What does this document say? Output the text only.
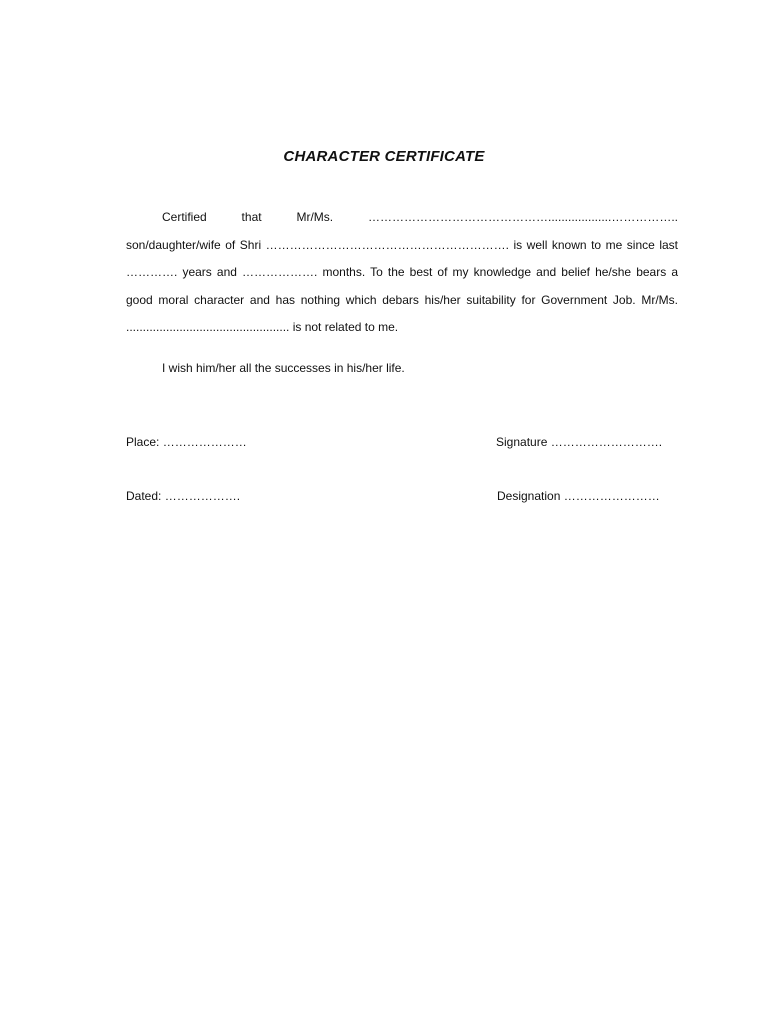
CHARACTER CERTIFICATE

Certified that Mr/Ms. ………………………………………...................…………….. son/daughter/wife of Shri ……………………………………………………. is well known to me since last …………. years and ………………. months. To the best of my knowledge and belief he/she bears a good moral character and has nothing which debars his/her suitability for Government Job. Mr/Ms. ................................................. is not related to me.

I wish him/her all the successes in his/her life.

Place: …………………

Dated: ……………….

Signature ……………………….

Designation ……………………
